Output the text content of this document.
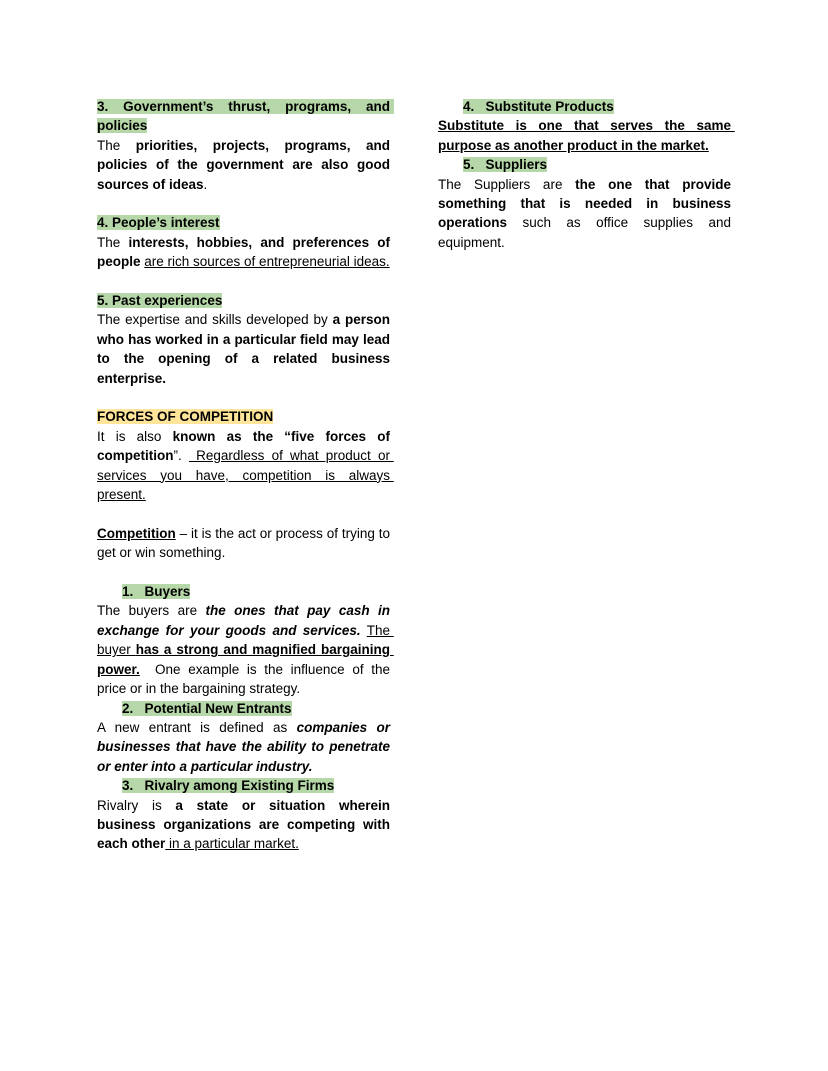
3. Government’s thrust, programs, and policies

The priorities, projects, programs, and policies of the government are also good sources of ideas.

4. People’s interest

The interests, hobbies, and preferences of people are rich sources of entrepreneurial ideas.

5. Past experiences

The expertise and skills developed by a person who has worked in a particular field may lead to the opening of a related business enterprise.

FORCES OF COMPETITION

It is also known as the “five forces of competition”.  Regardless of what product or services you have, competition is always present.

Competition – it is the act or process of trying to get or win something.

1.   Buyers

The buyers are the ones that pay cash in exchange for your goods and services. The buyer has a strong and magnified bargaining power.  One example is the influence of the price or in the bargaining strategy.

2.   Potential New Entrants

A new entrant is defined as companies or businesses that have the ability to penetrate or enter into a particular industry.

3.   Rivalry among Existing Firms

Rivalry is a state or situation wherein business organizations are competing with each other in a particular market.

4.   Substitute Products

Substitute is one that serves the same purpose as another product in the market.

5.   Suppliers

The Suppliers are the one that provide something that is needed in business operations such as office supplies and equipment.
